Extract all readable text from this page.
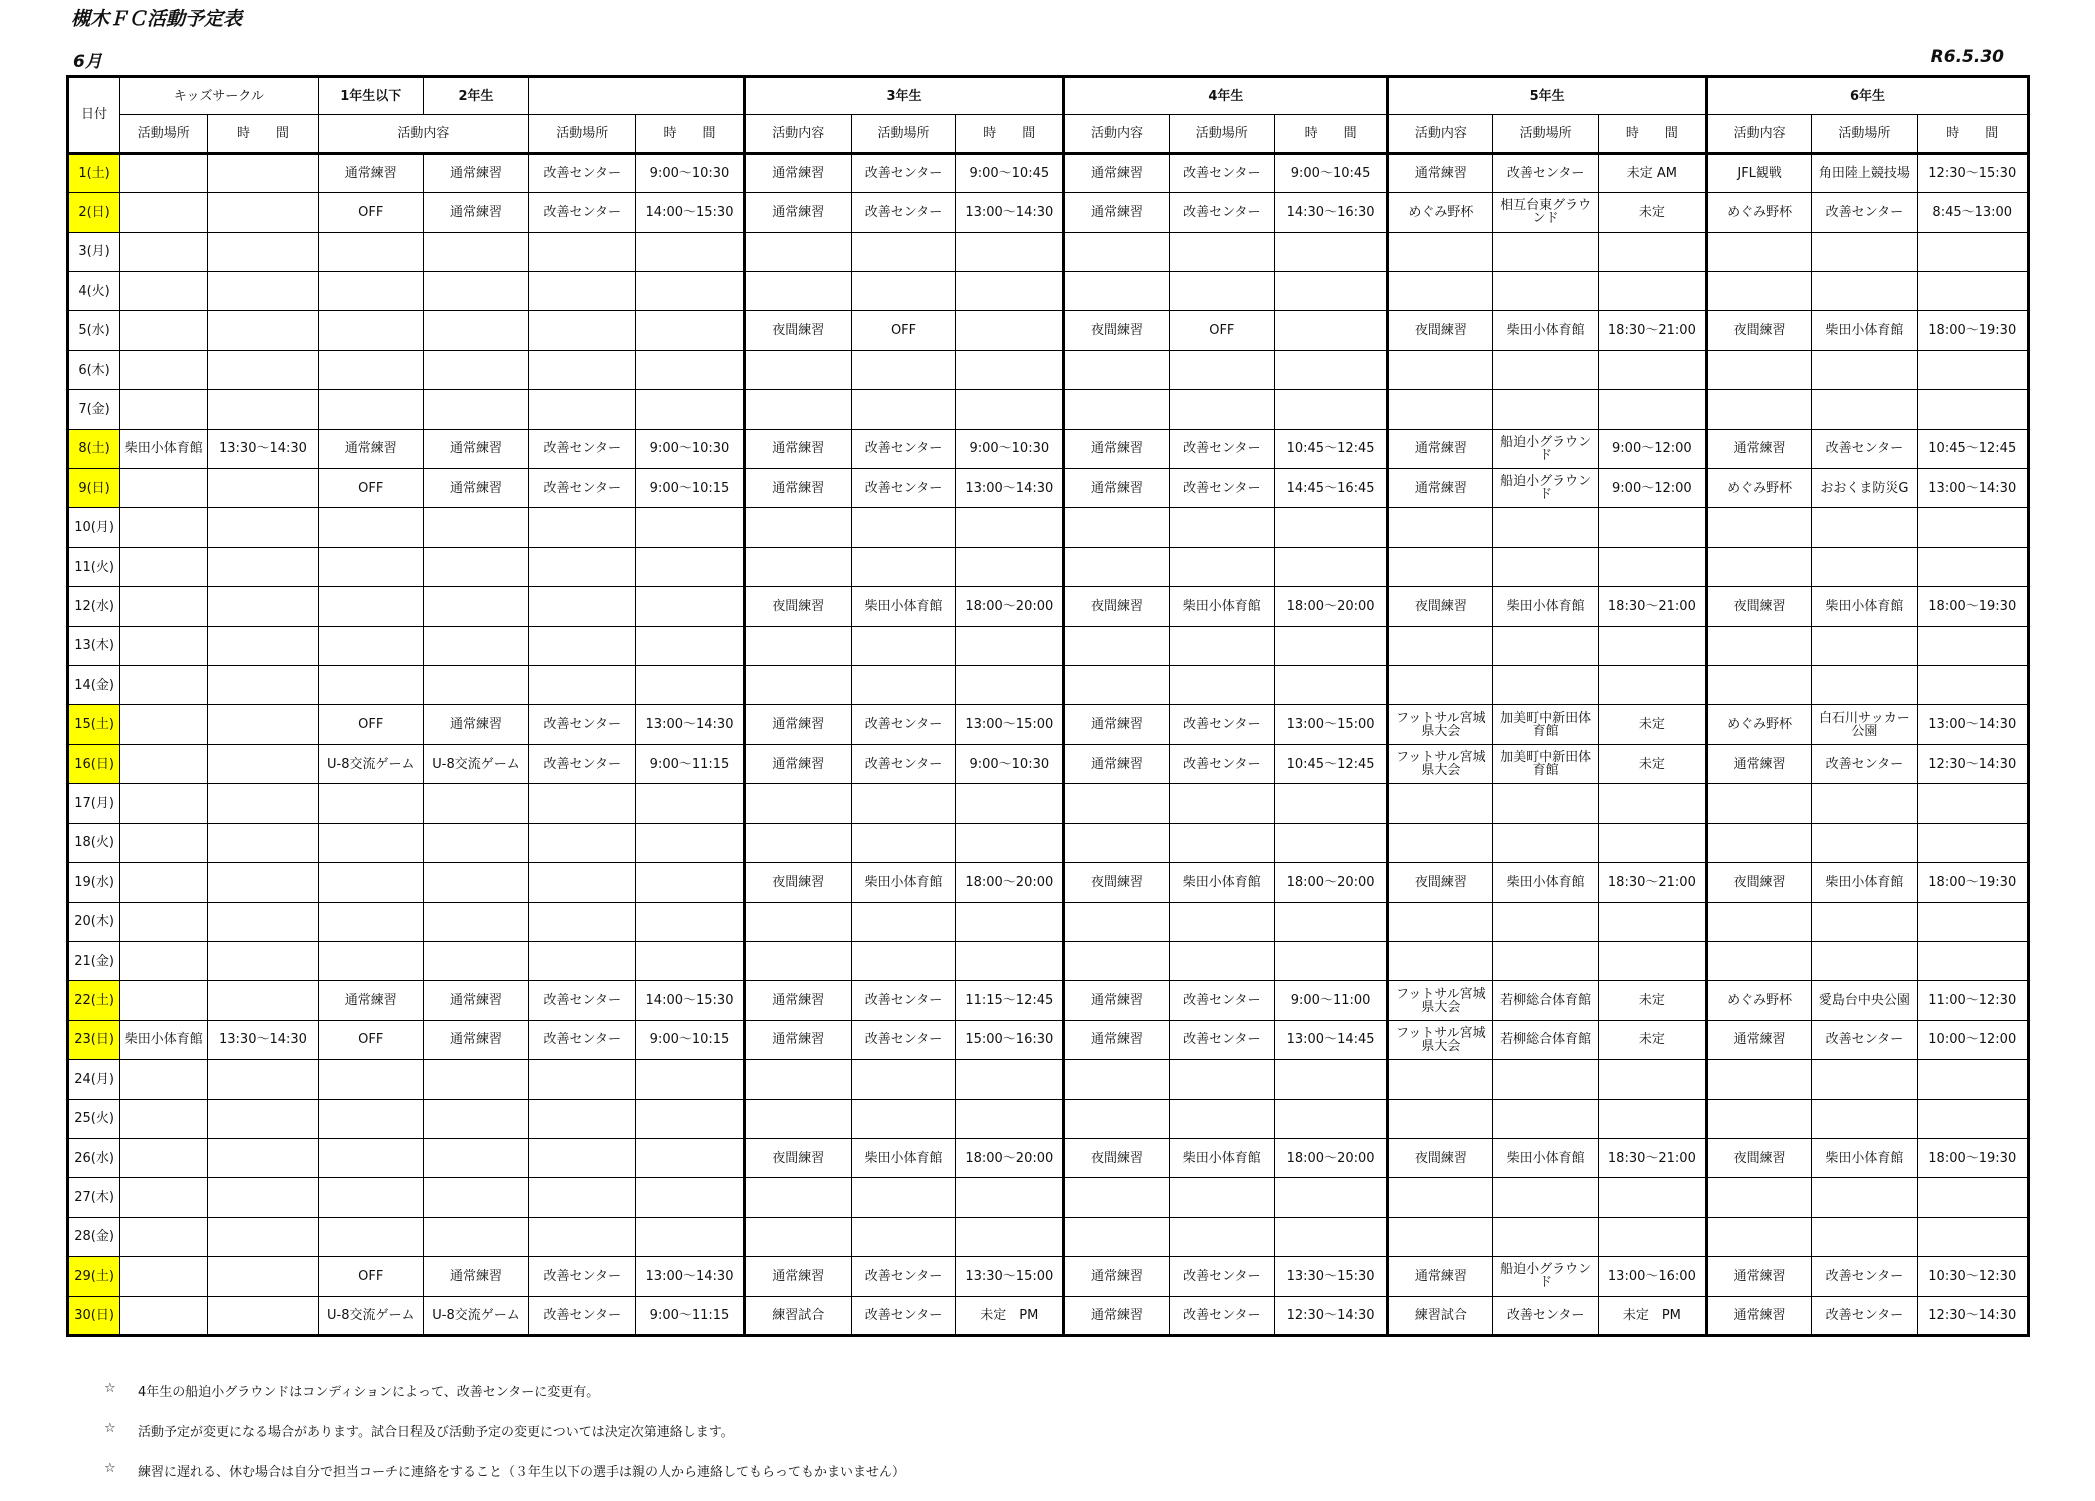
槻木ＦＣ活動予定表
6月	R6.5.30
日付	キッズサークル		1年生以下	2年生			3年生			4年生			5年生			6年生		
	活動場所	時　　間	活動内容		活動場所	時　　間	活動内容	活動場所	時　　間	活動内容	活動場所	時　　間	活動内容	活動場所	時　　間	活動内容	活動場所	時　　間
1(土)			通常練習	通常練習	改善センター	9:00～10:30	通常練習	改善センター	9:00～10:45	通常練習	改善センター	9:00～10:45	通常練習	改善センター	未定 AM	JFL観戦	角田陸上競技場	12:30～15:30
2(日)			OFF	通常練習	改善センター	14:00～15:30	通常練習	改善センター	13:00～14:30	通常練習	改善センター	14:30～16:30	めぐみ野杯	相互台東グラウンド	未定	めぐみ野杯	改善センター	8:45～13:00
3(月)																		
4(火)																		
5(水)							夜間練習	OFF		夜間練習	OFF		夜間練習	柴田小体育館	18:30～21:00	夜間練習	柴田小体育館	18:00～19:30
6(木)																		
7(金)																		
8(土)	柴田小体育館	13:30～14:30	通常練習	通常練習	改善センター	9:00～10:30	通常練習	改善センター	9:00～10:30	通常練習	改善センター	10:45～12:45	通常練習	船迫小グラウンド	9:00～12:00	通常練習	改善センター	10:45～12:45
9(日)			OFF	通常練習	改善センター	9:00～10:15	通常練習	改善センター	13:00～14:30	通常練習	改善センター	14:45～16:45	通常練習	船迫小グラウンド	9:00～12:00	めぐみ野杯	おおくま防災G	13:00～14:30
10(月)																		
11(火)																		
12(水)							夜間練習	柴田小体育館	18:00～20:00	夜間練習	柴田小体育館	18:00～20:00	夜間練習	柴田小体育館	18:30～21:00	夜間練習	柴田小体育館	18:00～19:30
13(木)																		
14(金)																		
15(土)			OFF	通常練習	改善センター	13:00～14:30	通常練習	改善センター	13:00～15:00	通常練習	改善センター	13:00～15:00	フットサル宮城県大会	加美町中新田体育館	未定	めぐみ野杯	白石川サッカー公園	13:00～14:30
16(日)			U-8交流ゲーム	U-8交流ゲーム	改善センター	9:00～11:15	通常練習	改善センター	9:00～10:30	通常練習	改善センター	10:45～12:45	フットサル宮城県大会	加美町中新田体育館	未定	通常練習	改善センター	12:30～14:30
17(月)																		
18(火)																		
19(水)							夜間練習	柴田小体育館	18:00～20:00	夜間練習	柴田小体育館	18:00～20:00	夜間練習	柴田小体育館	18:30～21:00	夜間練習	柴田小体育館	18:00～19:30
20(木)																		
21(金)																		
22(土)			通常練習	通常練習	改善センター	14:00～15:30	通常練習	改善センター	11:15～12:45	通常練習	改善センター	9:00～11:00	フットサル宮城県大会	若柳総合体育館	未定	めぐみ野杯	愛島台中央公園	11:00～12:30
23(日)	柴田小体育館	13:30～14:30	OFF	通常練習	改善センター	9:00～10:15	通常練習	改善センター	15:00～16:30	通常練習	改善センター	13:00～14:45	フットサル宮城県大会	若柳総合体育館	未定	通常練習	改善センター	10:00～12:00
24(月)																		
25(火)																		
26(水)							夜間練習	柴田小体育館	18:00～20:00	夜間練習	柴田小体育館	18:00～20:00	夜間練習	柴田小体育館	18:30～21:00	夜間練習	柴田小体育館	18:00～19:30
27(木)																		
28(金)																		
29(土)			OFF	通常練習	改善センター	13:00～14:30	通常練習	改善センター	13:30～15:00	通常練習	改善センター	13:30～15:30	通常練習	船迫小グラウンド	13:00～16:00	通常練習	改善センター	10:30～12:30
30(日)			U-8交流ゲーム	U-8交流ゲーム	改善センター	9:00～11:15	練習試合	改善センター	未定　PM	通常練習	改善センター	12:30～14:30	練習試合	改善センター	未定　PM	通常練習	改善センター	12:30～14:30
☆ 4年生の船迫小グラウンドはコンディションによって、改善センターに変更有。
☆ 活動予定が変更になる場合があります。試合日程及び活動予定の変更については決定次第連絡します。
☆ 練習に遅れる、休む場合は自分で担当コーチに連絡をすること（３年生以下の選手は親の人から連絡してもらってもかまいません）
